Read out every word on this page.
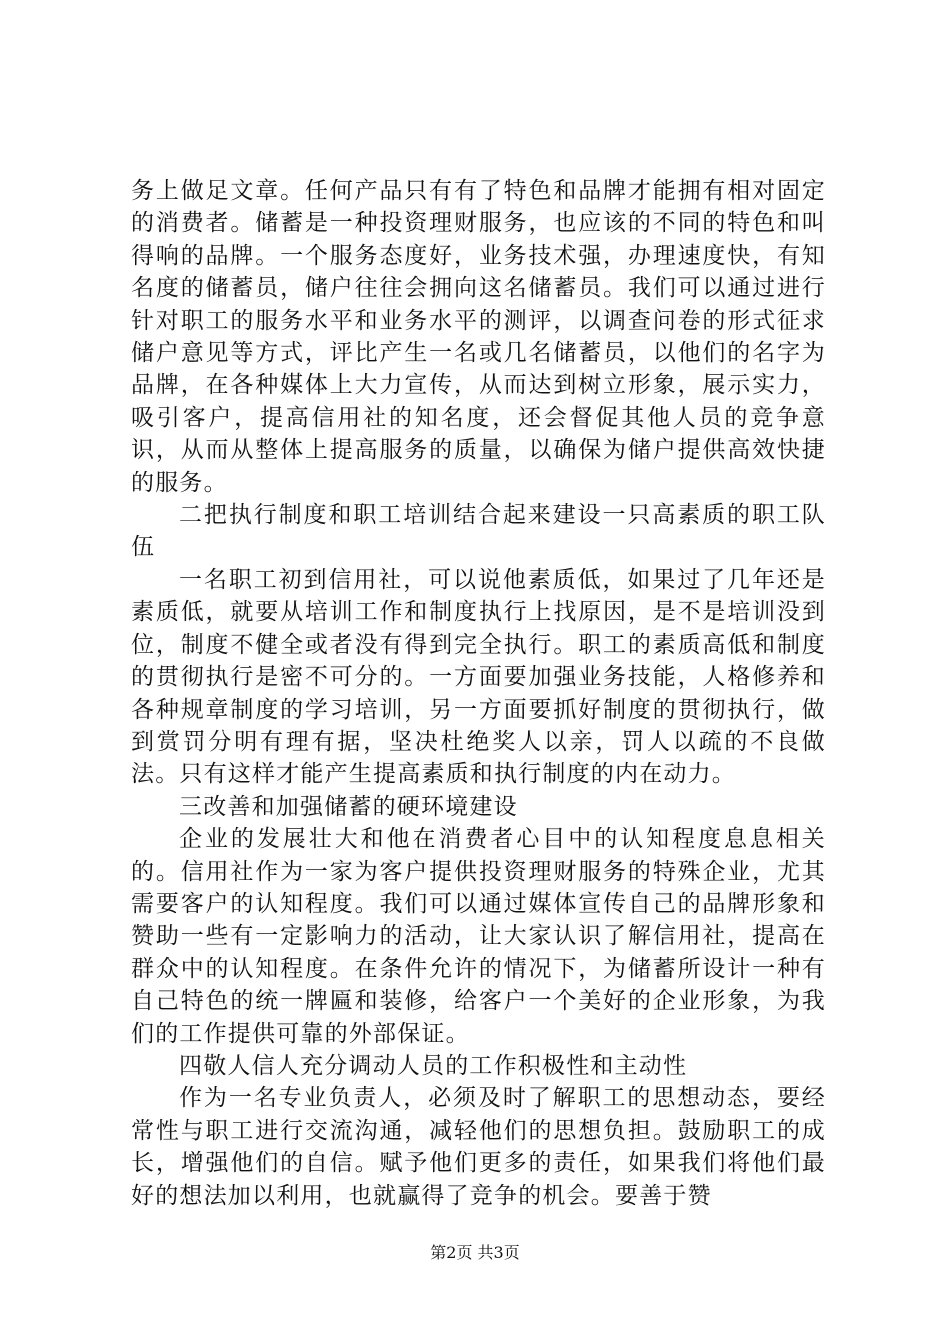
务上做足文章。任何产品只有有了特色和品牌才能拥有相对固定的消费者。储蓄是一种投资理财服务，也应该的不同的特色和叫得响的品牌。一个服务态度好，业务技术强，办理速度快，有知名度的储蓄员，储户往往会拥向这名储蓄员。我们可以通过进行针对职工的服务水平和业务水平的测评，以调查问卷的形式征求储户意见等方式，评比产生一名或几名储蓄员，以他们的名字为品牌，在各种媒体上大力宣传，从而达到树立形象，展示实力，吸引客户，提高信用社的知名度，还会督促其他人员的竞争意识，从而从整体上提高服务的质量，以确保为储户提供高效快捷的服务。

二把执行制度和职工培训结合起来建设一只高素质的职工队伍

一名职工初到信用社，可以说他素质低，如果过了几年还是素质低，就要从培训工作和制度执行上找原因，是不是培训没到位，制度不健全或者没有得到完全执行。职工的素质高低和制度的贯彻执行是密不可分的。一方面要加强业务技能，人格修养和各种规章制度的学习培训，另一方面要抓好制度的贯彻执行，做到赏罚分明有理有据，坚决杜绝奖人以亲，罚人以疏的不良做法。只有这样才能产生提高素质和执行制度的内在动力。

三改善和加强储蓄的硬环境建设

企业的发展壮大和他在消费者心目中的认知程度息息相关的。信用社作为一家为客户提供投资理财服务的特殊企业，尤其需要客户的认知程度。我们可以通过媒体宣传自己的品牌形象和赞助一些有一定影响力的活动，让大家认识了解信用社，提高在群众中的认知程度。在条件允许的情况下，为储蓄所设计一种有自己特色的统一牌匾和装修，给客户一个美好的企业形象，为我们的工作提供可靠的外部保证。

四敬人信人充分调动人员的工作积极性和主动性

作为一名专业负责人，必须及时了解职工的思想动态，要经常性与职工进行交流沟通，减轻他们的思想负担。鼓励职工的成长，增强他们的自信。赋予他们更多的责任，如果我们将他们最好的想法加以利用，也就赢得了竞争的机会。要善于赞

第2页 共3页
